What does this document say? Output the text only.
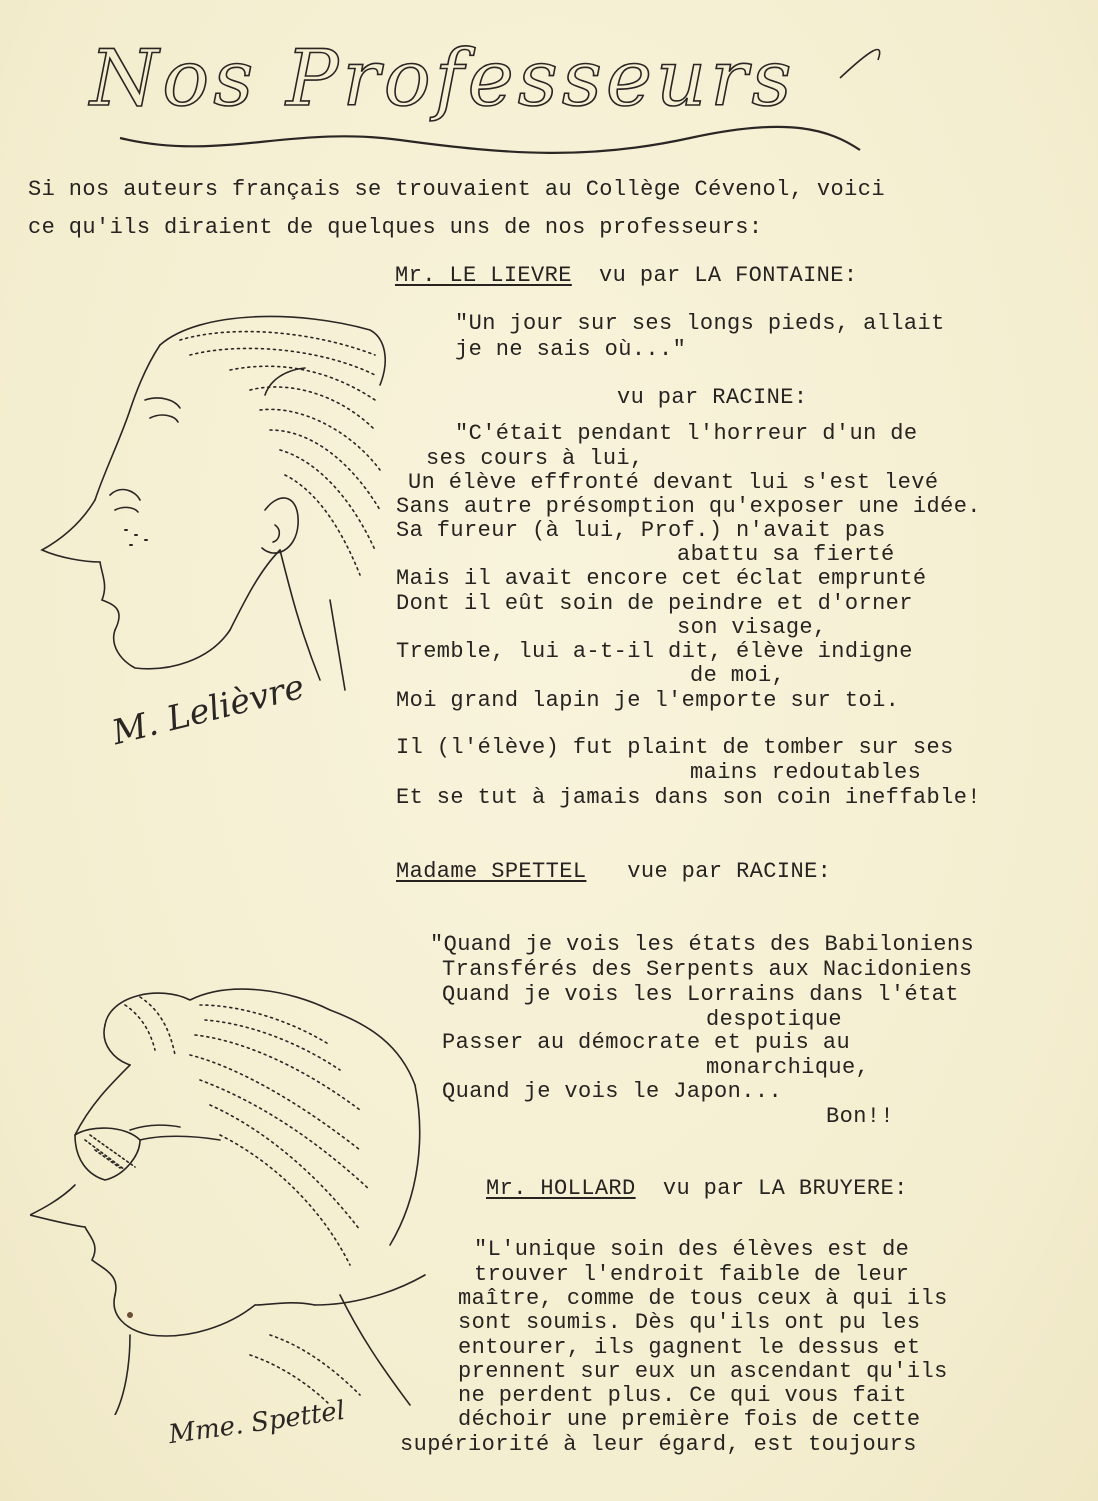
Nos Professeurs
Si nos auteurs français se trouvaient au Collège Cévenol, voici
ce qu'ils diraient de quelques uns de nos professeurs:
Mr. LE LIEVRE vu par LA FONTAINE:
"Un jour sur ses longs pieds, allait
je ne sais où..."
vu par RACINE:
"C'était pendant l'horreur d'un de
ses cours à lui,
Un élève effronté devant lui s'est levé
Sans autre présomption qu'exposer une idée.
Sa fureur (à lui, Prof.) n'avait pas
abattu sa fierté
Mais il avait encore cet éclat emprunté
Dont il eût soin de peindre et d'orner
son visage,
Tremble, lui a-t-il dit, élève indigne
de moi,
Moi grand lapin je l'emporte sur toi.
Il (l'élève) fut plaint de tomber sur ses
mains redoutables
Et se tut à jamais dans son coin ineffable!
M. Lelièvre
Madame SPETTEL vue par RACINE:
"Quand je vois les états des Babiloniens
Transférés des Serpents aux Nacidoniens
Quand je vois les Lorrains dans l'état
despotique
Passer au démocrate et puis au
monarchique,
Quand je vois le Japon...
Bon!!
Mme. Spettel
Mr. HOLLARD vu par LA BRUYERE:
"L'unique soin des élèves est de
trouver l'endroit faible de leur
maître, comme de tous ceux à qui ils
sont soumis. Dès qu'ils ont pu les
entourer, ils gagnent le dessus et
prennent sur eux un ascendant qu'ils
ne perdent plus. Ce qui vous fait
déchoir une première fois de cette
supériorité à leur égard, est toujours
